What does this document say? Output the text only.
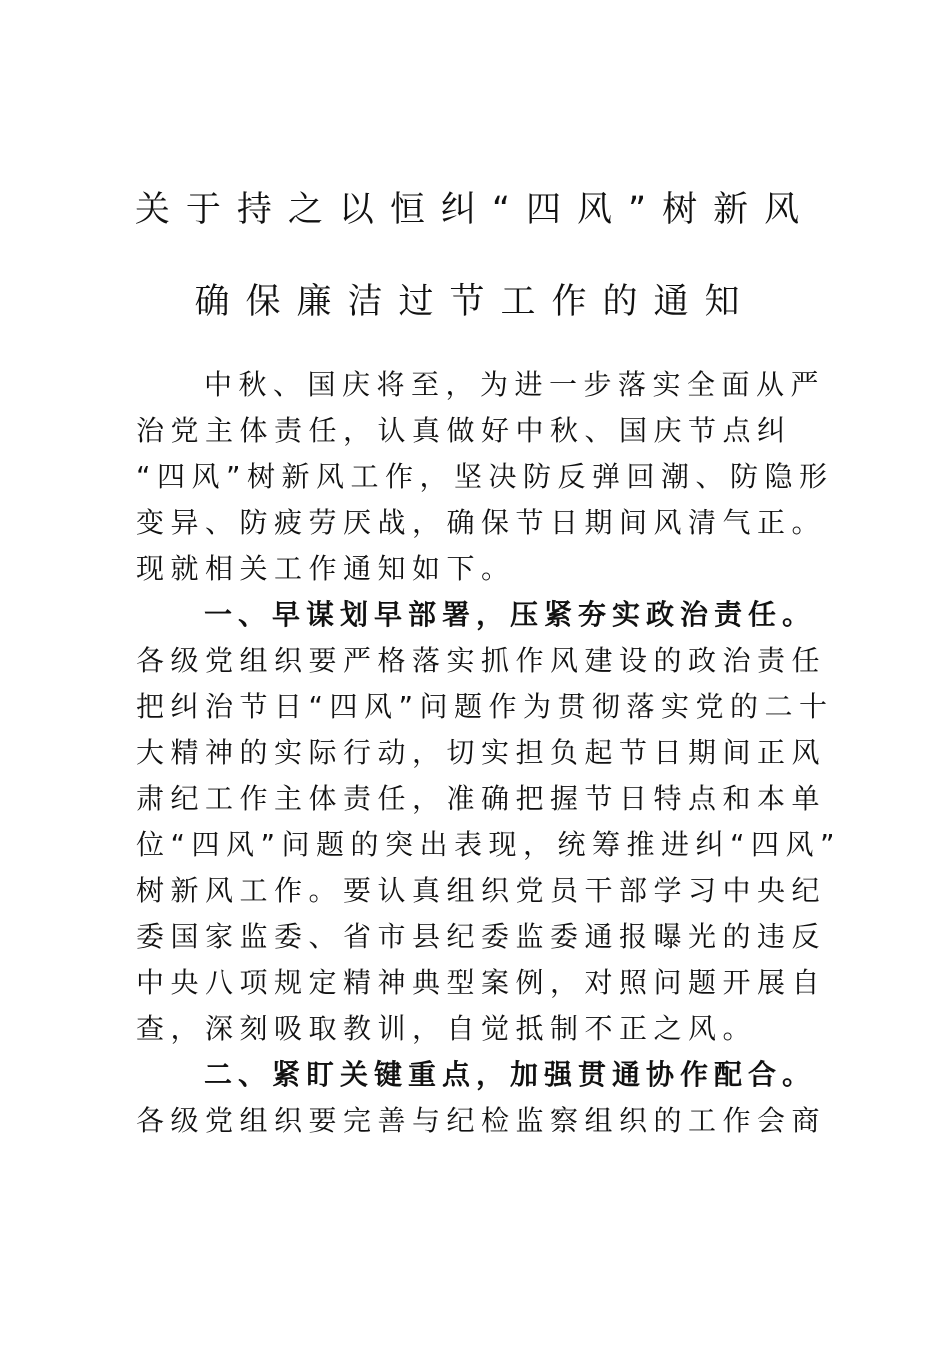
关于持之以恒纠“四风”树新风
确保廉洁过节工作的通知
中秋、国庆将至，为进一步落实全面从严
治党主体责任，认真做好中秋、国庆节点纠
“四风”树新风工作，坚决防反弹回潮、防隐形
变异、防疲劳厌战，确保节日期间风清气正。
现就相关工作通知如下。
一、早谋划早部署，压紧夯实政治责任。
各级党组织要严格落实抓作风建设的政治责任
把纠治节日“四风”问题作为贯彻落实党的二十
大精神的实际行动，切实担负起节日期间正风
肃纪工作主体责任，准确把握节日特点和本单
位“四风”问题的突出表现，统筹推进纠“四风”
树新风工作。要认真组织党员干部学习中央纪
委国家监委、省市县纪委监委通报曝光的违反
中央八项规定精神典型案例，对照问题开展自
查，深刻吸取教训，自觉抵制不正之风。
二、紧盯关键重点，加强贯通协作配合。
各级党组织要完善与纪检监察组织的工作会商
